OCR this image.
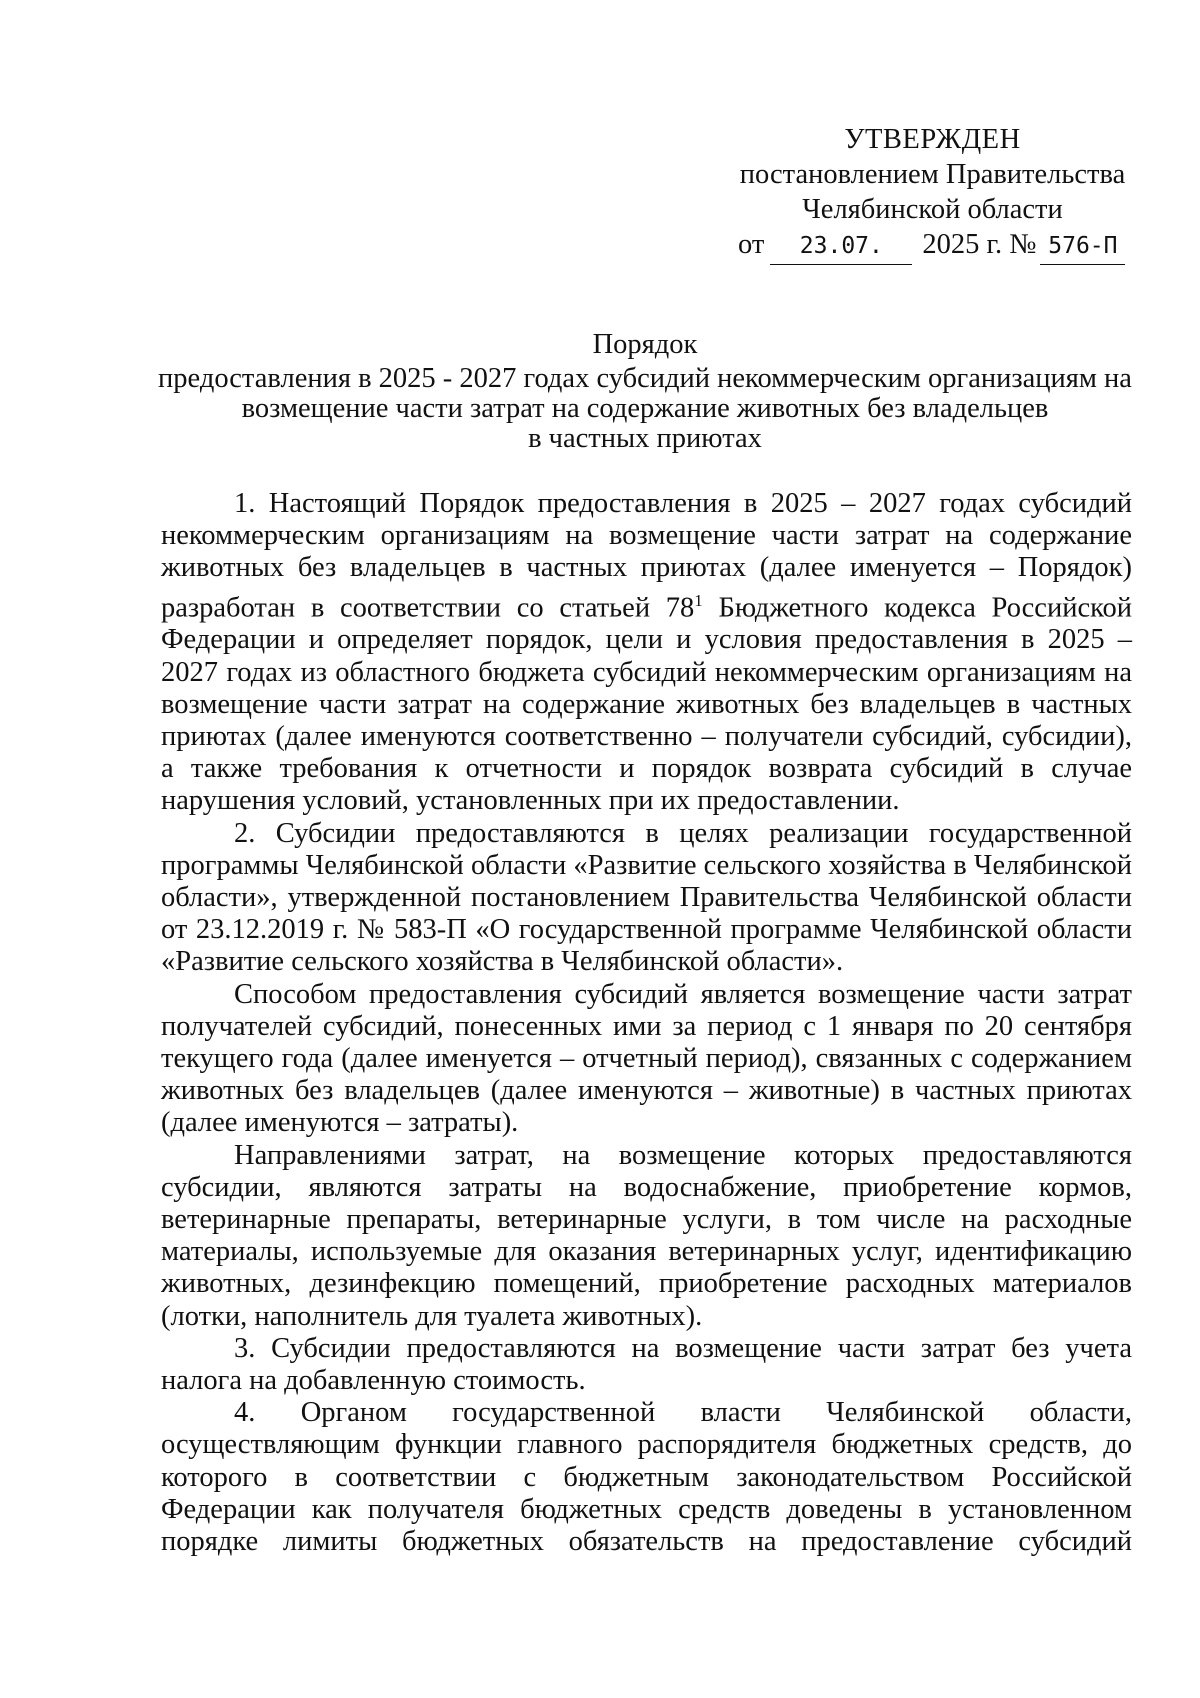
УТВЕРЖДЕН
постановлением Правительства
Челябинской области
от 23.07. 2025 г. № 576-П
Порядок
предоставления в 2025 - 2027 годах субсидий некоммерческим организациям на
возмещение части затрат на содержание животных без владельцев
в частных приютах

1. Настоящий Порядок предоставления в 2025 – 2027 годах субсидий некоммерческим организациям на возмещение части затрат на содержание животных без владельцев в частных приютах (далее именуется – Порядок) разработан в соответствии со статьей $78^1$ Бюджетного кодекса Российской Федерации и определяет порядок, цели и условия предоставления в 2025 – 2027 годах из областного бюджета субсидий некоммерческим организациям на возмещение части затрат на содержание животных без владельцев в частных приютах (далее именуются соответственно – получатели субсидий, субсидии), а также требования к отчетности и порядок возврата субсидий в случае нарушения условий, установленных при их предоставлении.

2. Субсидии предоставляются в целях реализации государственной программы Челябинской области «Развитие сельского хозяйства в Челябинской области», утвержденной постановлением Правительства Челябинской области от 23.12.2019 г. № 583-П «О государственной программе Челябинской области «Развитие сельского хозяйства в Челябинской области».

Способом предоставления субсидий является возмещение части затрат получателей субсидий, понесенных ими за период с 1 января по 20 сентября текущего года (далее именуется – отчетный период), связанных с содержанием животных без владельцев (далее именуются – животные) в частных приютах (далее именуются – затраты).

Направлениями затрат, на возмещение которых предоставляются субсидии, являются затраты на водоснабжение, приобретение кормов, ветеринарные препараты, ветеринарные услуги, в том числе на расходные материалы, используемые для оказания ветеринарных услуг, идентификацию животных, дезинфекцию помещений, приобретение расходных материалов (лотки, наполнитель для туалета животных).

3. Субсидии предоставляются на возмещение части затрат без учета налога на добавленную стоимость.

4. Органом государственной власти Челябинской области, осуществляющим функции главного распорядителя бюджетных средств, до которого в соответствии с бюджетным законодательством Российской Федерации как получателя бюджетных средств доведены в установленном порядке лимиты бюджетных обязательств на предоставление субсидий
